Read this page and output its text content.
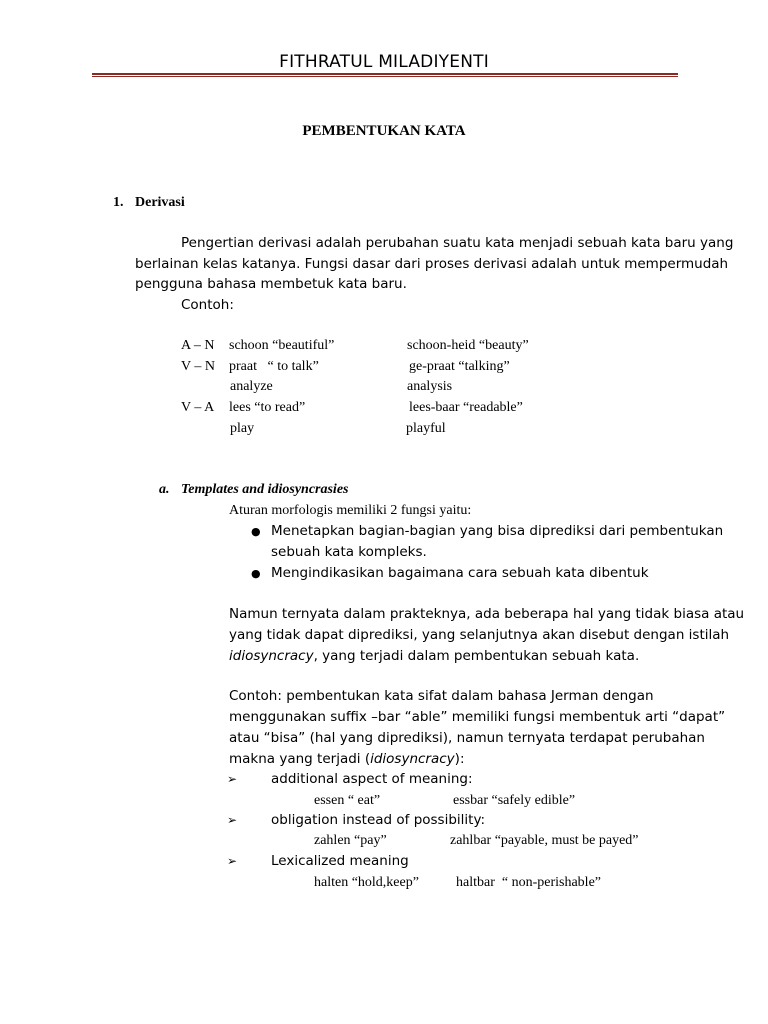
FITHRATUL MILADIYENTI
PEMBENTUKAN KATA
1. Derivasi
Pengertian derivasi adalah perubahan suatu kata menjadi sebuah kata baru yang
berlainan kelas katanya. Fungsi dasar dari proses derivasi adalah untuk mempermudah
pengguna bahasa membetuk kata baru.
Contoh:
A – N schoon “beautiful”	schoon-heid “beauty”
V – N praat   “ to talk”	ge-praat “talking”
analyze	analysis
V – A lees “to read”	lees-baar “readable”
play	playful
a. Templates and idiosyncrasies
Aturan morfologis memiliki 2 fungsi yaitu:
● Menetapkan bagian-bagian yang bisa diprediksi dari pembentukan
sebuah kata kompleks.
● Mengindikasikan bagaimana cara sebuah kata dibentuk
Namun ternyata dalam prakteknya, ada beberapa hal yang tidak biasa atau
yang tidak dapat diprediksi, yang selanjutnya akan disebut dengan istilah
idiosyncracy, yang terjadi dalam pembentukan sebuah kata.
Contoh: pembentukan kata sifat dalam bahasa Jerman dengan
menggunakan suffix –bar “able” memiliki fungsi membentuk arti “dapat”
atau “bisa” (hal yang diprediksi), namun ternyata terdapat perubahan
makna yang terjadi (idiosyncracy):
➢	additional aspect of meaning:
essen “ eat”	essbar “safely edible”
➢	obligation instead of possibility:
zahlen “pay”	zahlbar “payable, must be payed”
➢	Lexicalized meaning
halten “hold,keep”	haltbar  “ non-perishable”
